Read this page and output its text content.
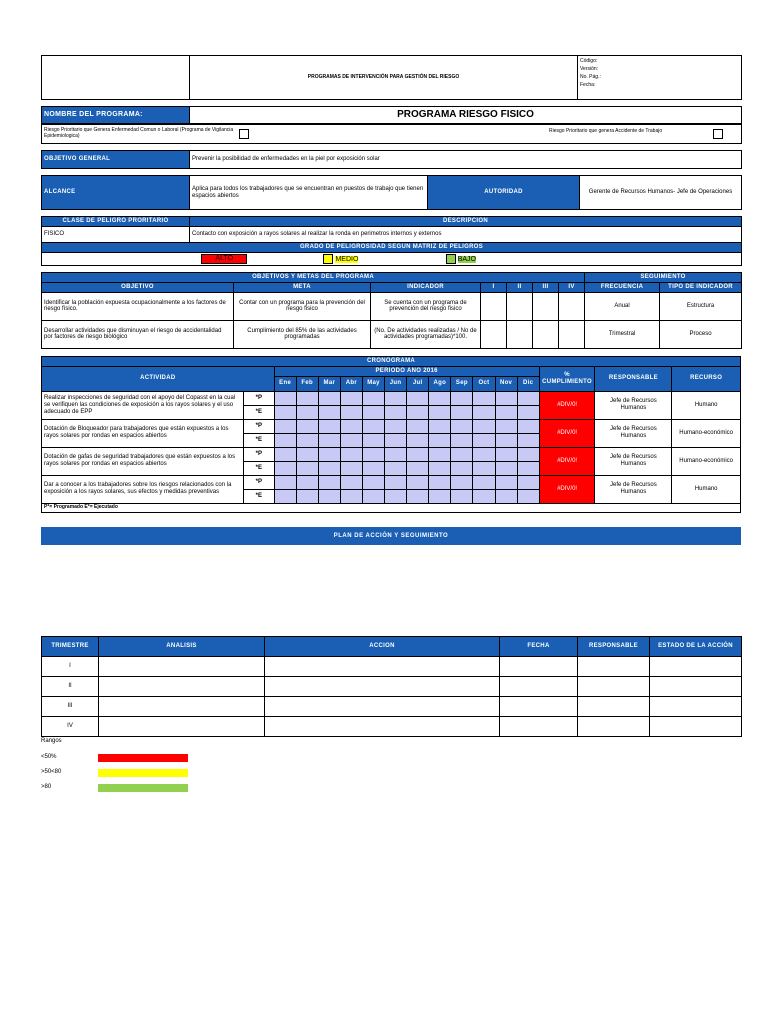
	PROGRAMAS DE INTERVENCIÓN PARA GESTIÓN DEL RIESGO	
Código:
Versión:
No. Pág.:
Fecha:
NOMBRE DEL PROGRAMA:	PROGRAMA RIESGO FISICO
Riesgo Prioritario que Genera Enfermedad Comun o Laboral (Programa de Vigilancia Epidemiologica)	
Riesgo Prioritario que genera Accidente de Trabajo
OBJETIVO GENERAL	Prevenir la posibilidad de enfermedades en la piel por exposición solar
ALCANCE	Aplica para todos los trabajadores que se encuentran en puestos de trabajo que tienen espacios abiertos	AUTORIDAD	Gerente de Recursos Humanos- Jefe de Operaciones
CLASE DE PELIGRO PRORITARIO	DESCRIPCIÓN
FISICO	Contacto con exposición a rayos solares al realizar la ronda en perimetros internos y externos
GRADO DE PELIGROSIDAD SEGÚN MATRIZ DE PELIGROS	
ALTO MEDIO BAJO	
OBJETIVOS Y METAS DEL PROGRAMA							SEGUIMIENTO	
OBJETIVO	META	INDICADOR	I	II	III	IV	FRECUENCIA	TIPO DE INDICADOR
Identificar la población expuesta ocupacionalmente a los factores de riesgo físico.	Contar con un programa para la prevención del riesgo fisico	Se cuenta con un programa de prevención del riesgo fisico					Anual	Estructura
Desarrollar actividades que disminuyan el riesgo de accidentalidad por factores de riesgo biológico	Cumplimiento del 85% de las actividades programadas	(No. De actividades realizadas / No de actividades programadas)*100.					Trimestral	Proceso
CRONOGRAMA																
ACTIVIDAD		PERIODO AÑO 2016												% CUMPLIMIENTO	RESPONSABLE	RECURSO
		Ene	Feb	Mar	Abr	May	Jun	Jul	Ago	Sep	Oct	Nov	Dic			
Realizar inspecciones de seguridad con el apoyo del Copasst en la cual se verifiquen las condiciones de exposición a los rayos solares y el uso adecuado de EPP	*P													#DIV/0!	Jefe de Recursos Humanos	Humano
	*E															
Dotación de Bloqueador para trabajadores que están expuestos a los rayos solares por rondas en espacios abiertos	*P													#DIV/0!	Jefe de Recursos Humanos	Humano-económico
	*E															
Dotación de gafas de seguridad trabajadores que están expuestos a los rayos solares por rondas en espacios abiertos	*P													#DIV/0!	Jefe de Recursos Humanos	Humano-económico
	*E															
Dar a conocer a los trabajadores sobre los riesgos relacionados con la exposición a los rayos solares, sus efectos y medidas preventivas	*P													#DIV/0!	Jefe de Recursos Humanos	Humano
	*E															
P*= Programado E*= Ejecutado																
PLAN DE ACCIÓN Y SEGUIMIENTO
TRIMESTRE	ANALISIS	ACCION	FECHA	RESPONSABLE	ESTADO DE LA ACCIÓN
I					
II					
III					
IV					
Rangos
<50%
>50<80
>80
